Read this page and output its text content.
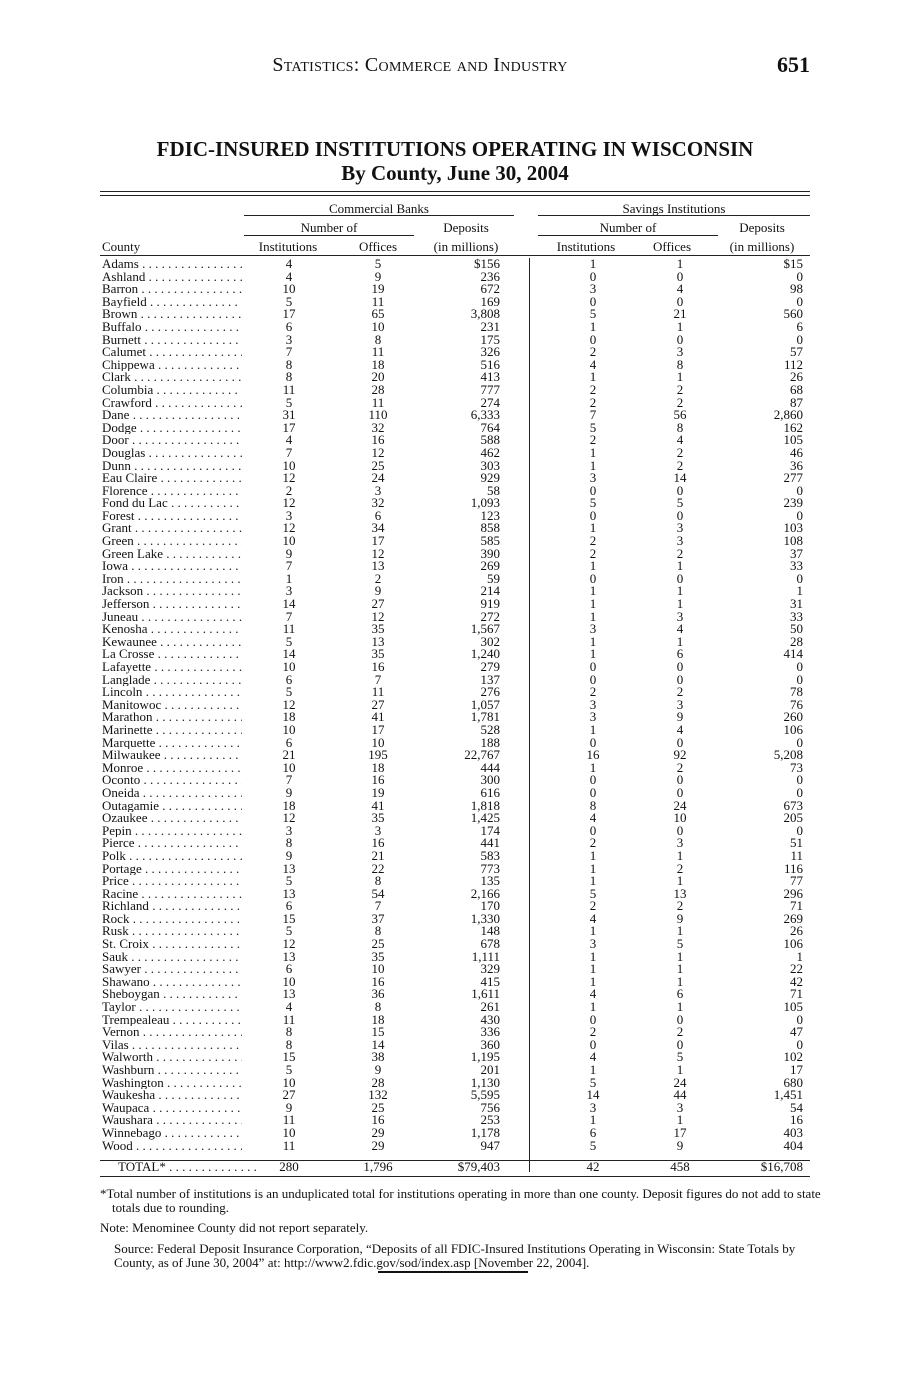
Statistics: Commerce and Industry	651
FDIC-INSURED INSTITUTIONS OPERATING IN WISCONSIN
By County, June 30, 2004
Commercial Banks	Savings Institutions
Number of	Deposits	Number of	Deposits
County	Institutions	Offices	(in millions)	Institutions	Offices	(in millions)
Adams . . .	4	5	$156	1	1	$15
Ashland . . .	4	9	236	0	0	0
Barron . . .	10	19	672	3	4	98
Bayfield . . .	5	11	169	0	0	0
Brown . . .	17	65	3,808	5	21	560
Buffalo . . .	6	10	231	1	1	6
Burnett . . .	3	8	175	0	0	0
Calumet . . .	7	11	326	2	3	57
Chippewa . . .	8	18	516	4	8	112
Clark . . .	8	20	413	1	1	26
Columbia . . .	11	28	777	2	2	68
Crawford . . .	5	11	274	2	2	87
Dane . . .	31	110	6,333	7	56	2,860
Dodge . . .	17	32	764	5	8	162
Door . . .	4	16	588	2	4	105
Douglas . . .	7	12	462	1	2	46
Dunn . . .	10	25	303	1	2	36
Eau Claire . . .	12	24	929	3	14	277
Florence . . .	2	3	58	0	0	0
Fond du Lac . . .	12	32	1,093	5	5	239
Forest . . .	3	6	123	0	0	0
Grant . . .	12	34	858	1	3	103
Green . . .	10	17	585	2	3	108
Green Lake . . .	9	12	390	2	2	37
Iowa . . .	7	13	269	1	1	33
Iron . . .	1	2	59	0	0	0
Jackson . . .	3	9	214	1	1	1
Jefferson . . .	14	27	919	1	1	31
Juneau . . .	7	12	272	1	3	33
Kenosha . . .	11	35	1,567	3	4	50
Kewaunee . . .	5	13	302	1	1	28
La Crosse . . .	14	35	1,240	1	6	414
Lafayette . . .	10	16	279	0	0	0
Langlade . . .	6	7	137	0	0	0
Lincoln . . .	5	11	276	2	2	78
Manitowoc . . .	12	27	1,057	3	3	76
Marathon . . .	18	41	1,781	3	9	260
Marinette . . .	10	17	528	1	4	106
Marquette . . .	6	10	188	0	0	0
Milwaukee . . .	21	195	22,767	16	92	5,208
Monroe . . .	10	18	444	1	2	73
Oconto . . .	7	16	300	0	0	0
Oneida . . .	9	19	616	0	0	0
Outagamie . . .	18	41	1,818	8	24	673
Ozaukee . . .	12	35	1,425	4	10	205
Pepin . . .	3	3	174	0	0	0
Pierce . . .	8	16	441	2	3	51
Polk . . .	9	21	583	1	1	11
Portage . . .	13	22	773	1	2	116
Price . . .	5	8	135	1	1	77
Racine . . .	13	54	2,166	5	13	296
Richland . . .	6	7	170	2	2	71
Rock . . .	15	37	1,330	4	9	269
Rusk . . .	5	8	148	1	1	26
St. Croix . . .	12	25	678	3	5	106
Sauk . . .	13	35	1,111	1	1	1
Sawyer . . .	6	10	329	1	1	22
Shawano . . .	10	16	415	1	1	42
Sheboygan . . .	13	36	1,611	4	6	71
Taylor . . .	4	8	261	1	1	105
Trempealeau . . .	11	18	430	0	0	0
Vernon . . .	8	15	336	2	2	47
Vilas . . .	8	14	360	0	0	0
Walworth . . .	15	38	1,195	4	5	102
Washburn . . .	5	9	201	1	1	17
Washington . . .	10	28	1,130	5	24	680
Waukesha . . .	27	132	5,595	14	44	1,451
Waupaca . . .	9	25	756	3	3	54
Waushara . . .	11	16	253	1	1	16
Winnebago . . .	10	29	1,178	6	17	403
Wood . . .	11	29	947	5	9	404
TOTAL* . . .	280	1,796	$79,403	42	458	$16,708

*Total number of institutions is an unduplicated total for institutions operating in more than one county. Deposit figures do not add to state totals due to rounding.

Note: Menominee County did not report separately.

Source: Federal Deposit Insurance Corporation, “Deposits of all FDIC-Insured Institutions Operating in Wisconsin: State Totals by County, as of June 30, 2004” at: http://www2.fdic.gov/sod/index.asp [November 22, 2004].
